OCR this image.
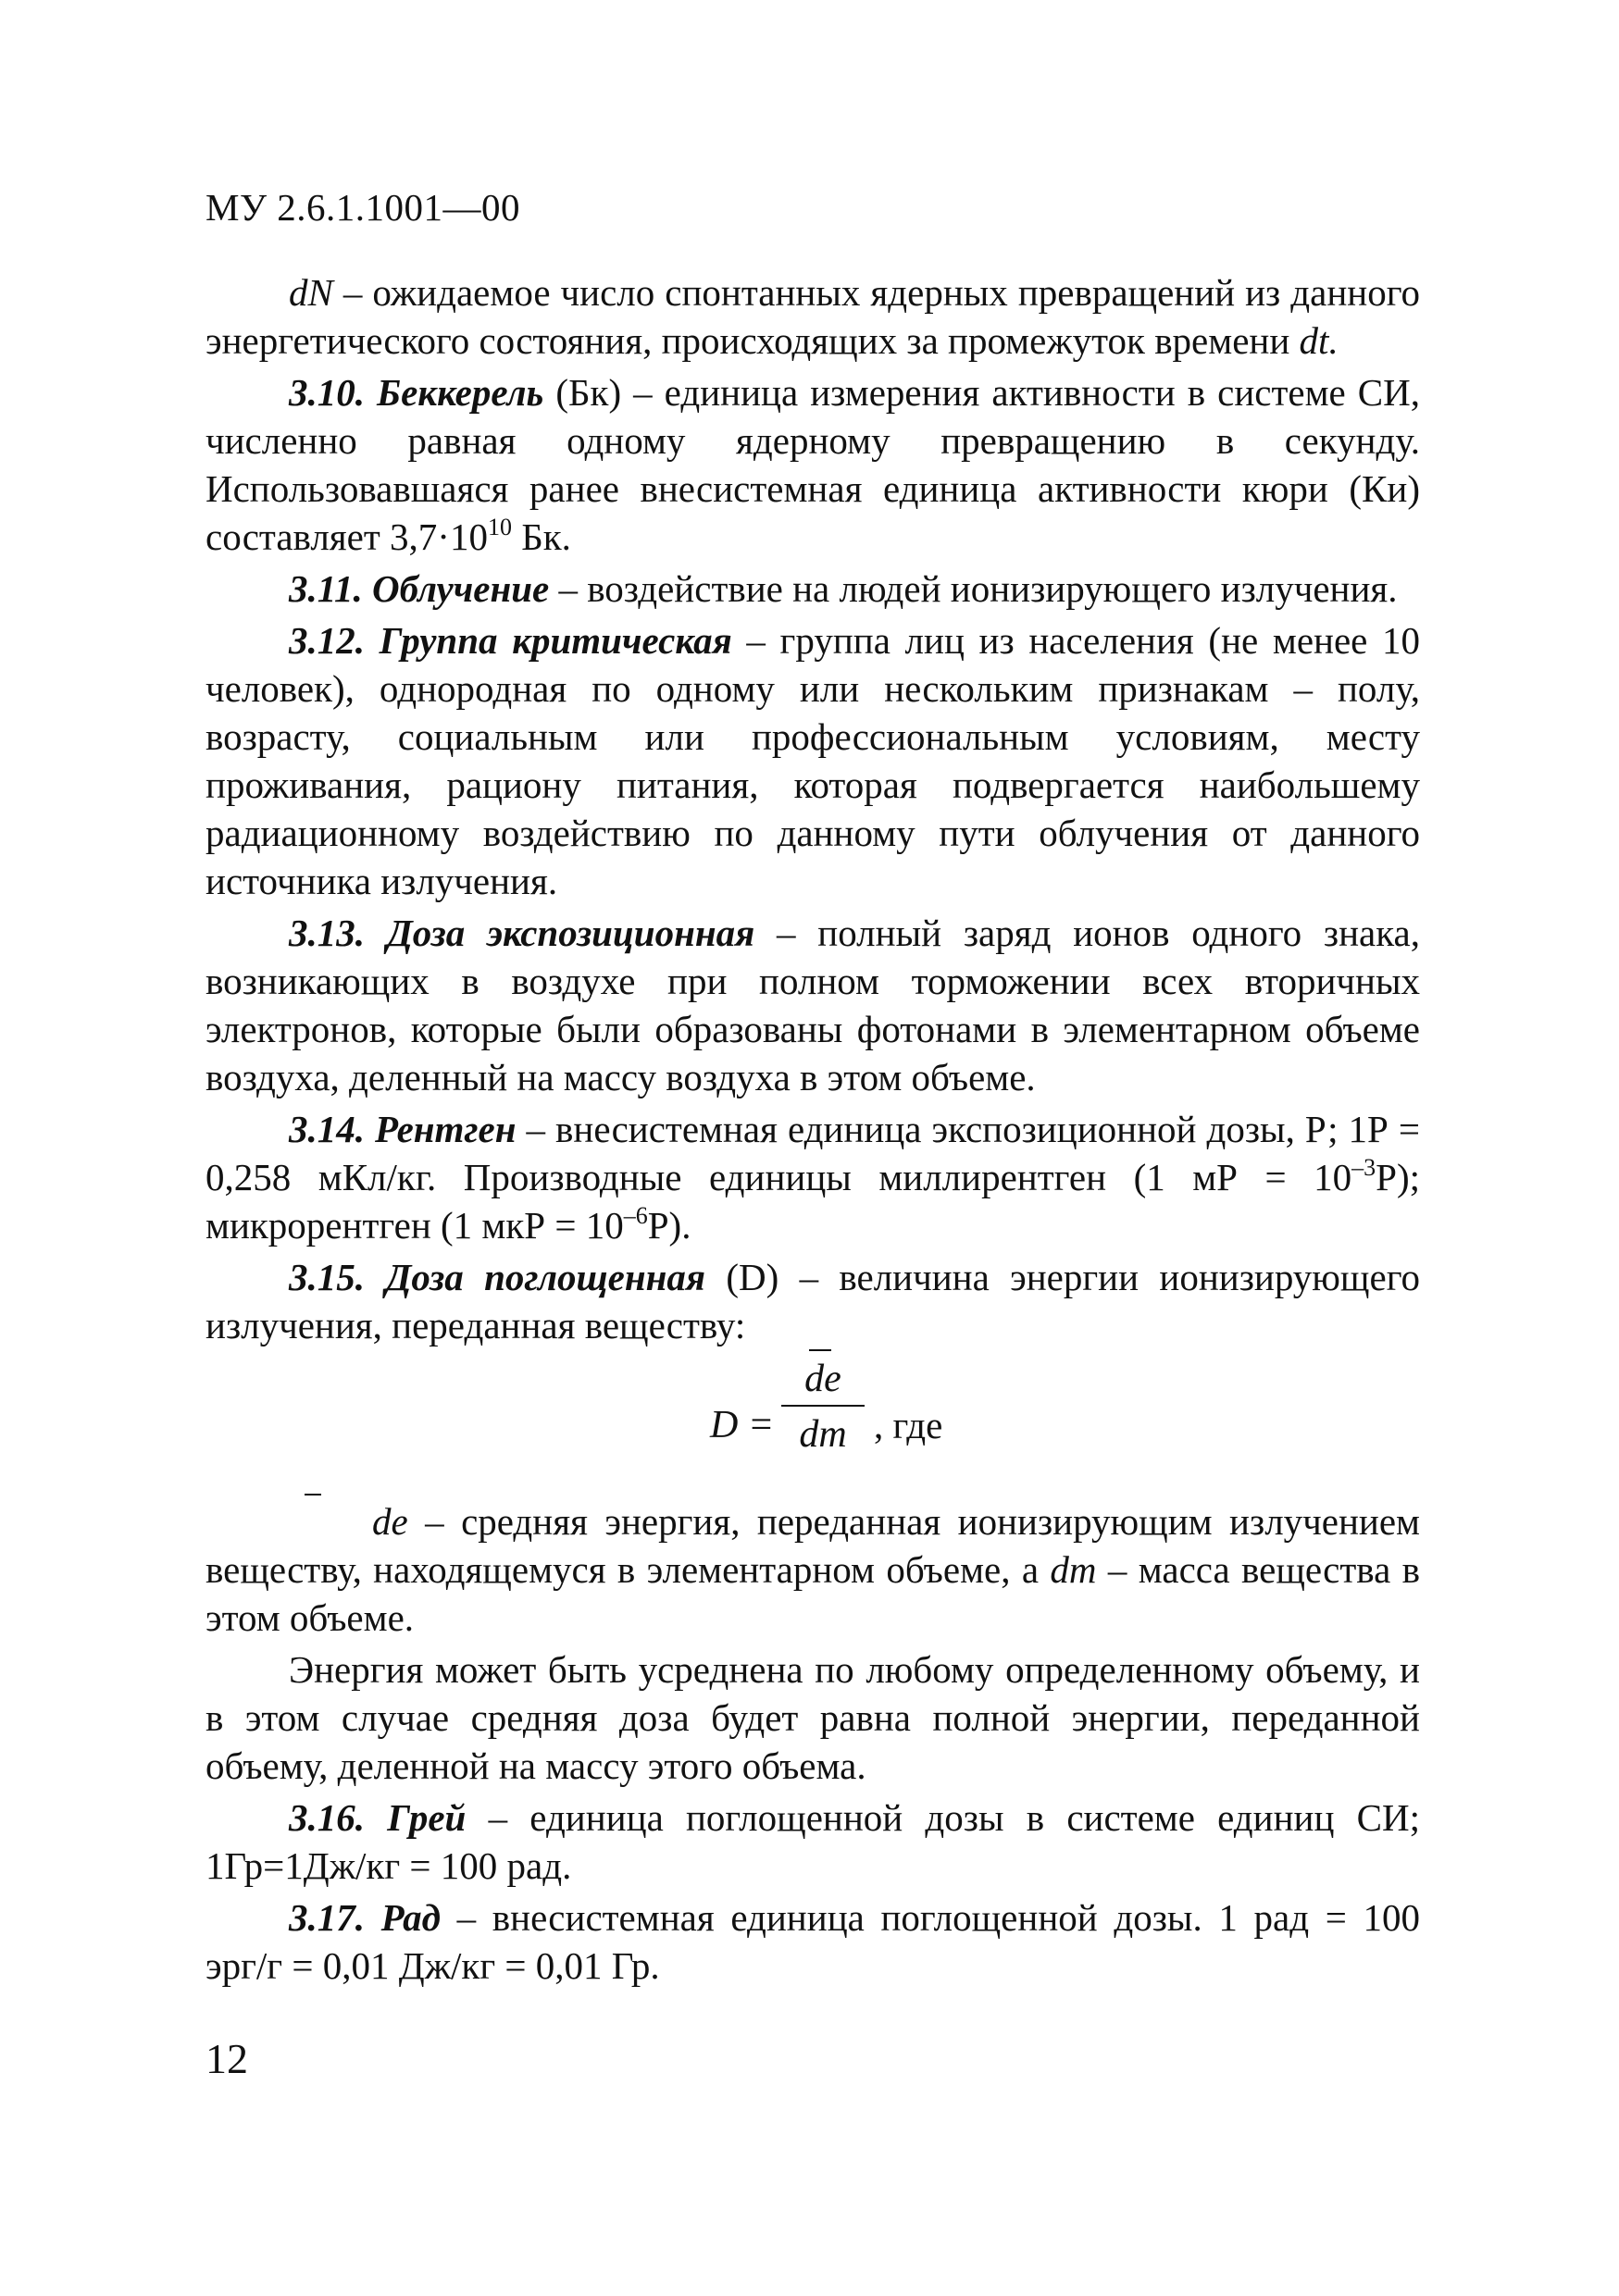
МУ 2.6.1.1001—00

dN – ожидаемое число спонтанных ядерных превращений из данного энергетического состояния, происходящих за промежуток времени dt.

3.10. Беккерель (Бк) – единица измерения активности в системе СИ, численно равная одному ядерному превращению в секунду. Использовавшаяся ранее внесистемная единица активности кюри (Ки) составляет $3,7\cdot 10^{10}$ Бк.

3.11. Облучение – воздействие на людей ионизирующего излучения.

3.12. Группа критическая – группа лиц из населения (не менее 10 человек), однородная по одному или нескольким признакам – полу, возрасту, социальным или профессиональным условиям, месту проживания, рациону питания, которая подвергается наибольшему радиационному воздействию по данному пути облучения от данного источника излучения.

3.13. Доза экспозиционная – полный заряд ионов одного знака, возникающих в воздухе при полном торможении всех вторичных электронов, которые были образованы фотонами в элементарном объеме воздуха, деленный на массу воздуха в этом объеме.

3.14. Рентген – внесистемная единица экспозиционной дозы, Р; 1Р = 0,258 мКл/кг. Производные единицы миллирентген (1 мР = $10^{-3}Р$); микрорентген (1 мкР = $10^{-6}Р$).

3.15. Доза поглощенная (D) – величина энергии ионизирующего излучения, переданная веществу:

D =
de
dm , где

de
– средняя энергия, переданная ионизирующим излучением веществу, находящемуся в элементарном объеме, а dm – масса вещества в этом объеме.

Энергия может быть усреднена по любому определенному объему, и в этом случае средняя доза будет равна полной энергии, переданной объему, деленной на массу этого объема.

3.16. Грей – единица поглощенной дозы в системе единиц СИ; 1Гр=1Дж/кг = 100 рад.

3.17. Рад – внесистемная единица поглощенной дозы. 1 рад = 100 эрг/г = 0,01 Дж/кг = 0,01 Гр.

12
